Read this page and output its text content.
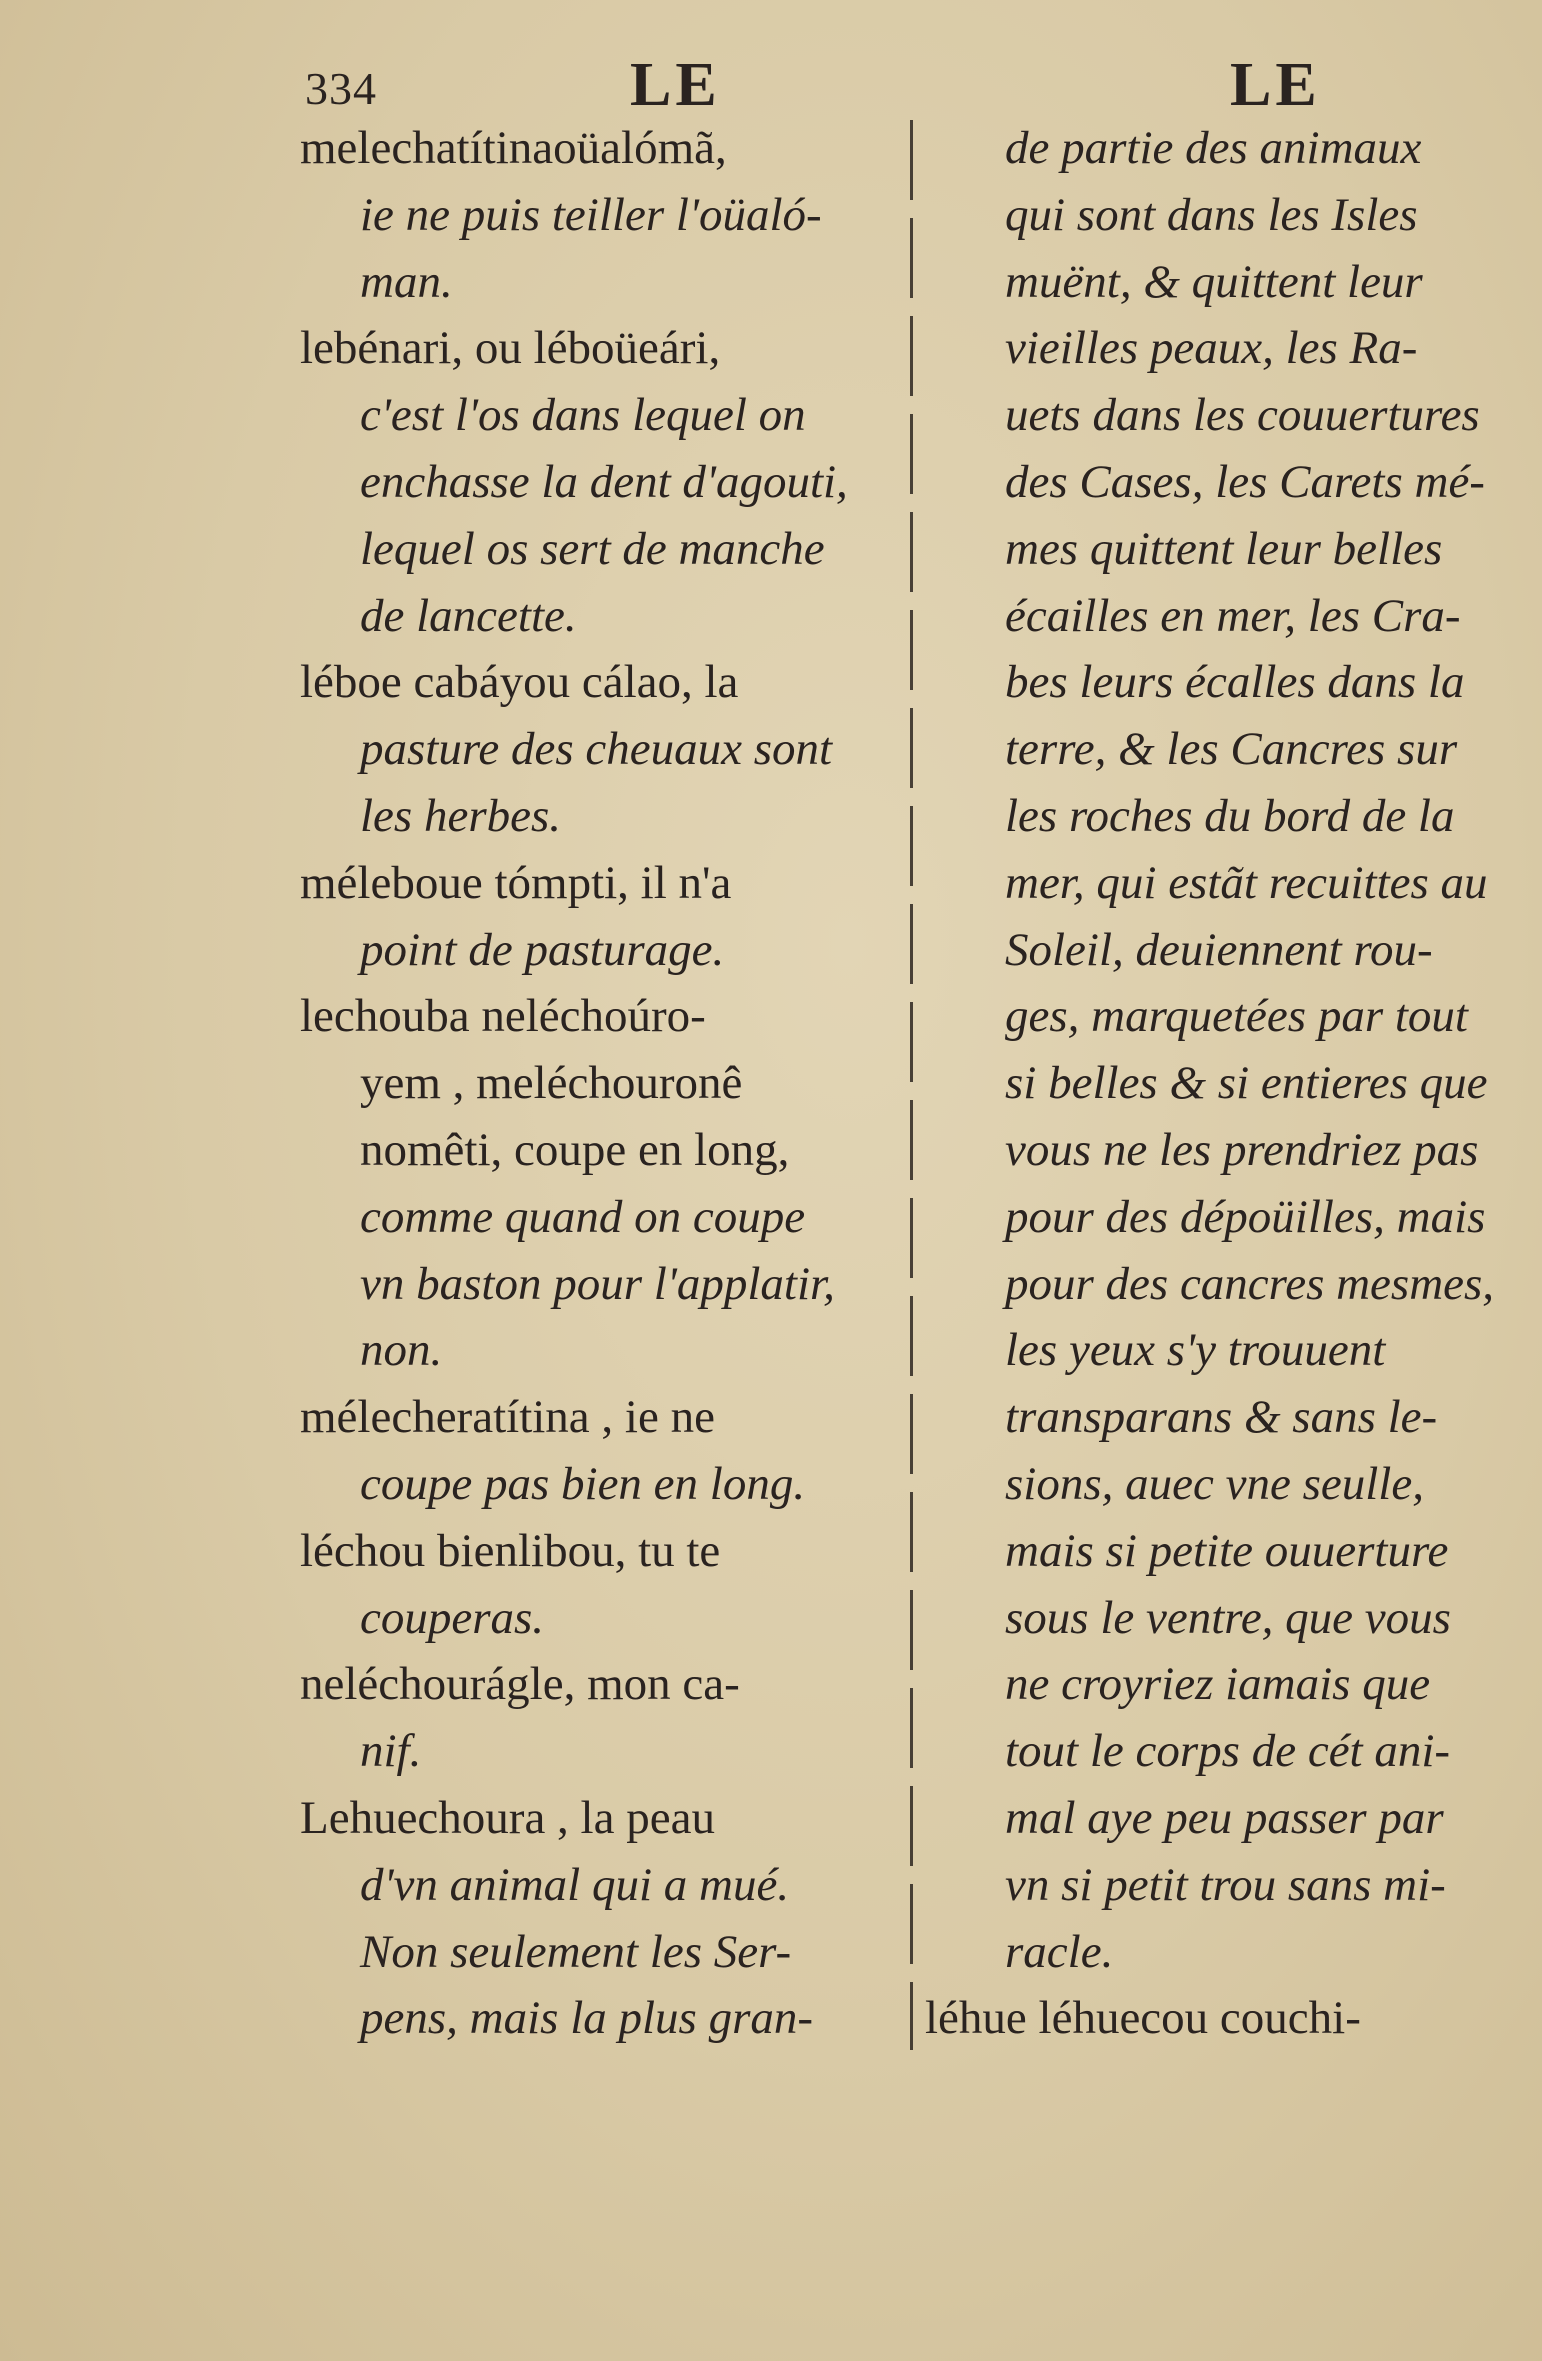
334	LE	LE
melechatítinaoüalómã,
ie ne puis teiller l'oüaló-
man.
lebénari, ou léboüeári,
c'est l'os dans lequel on
enchasse la dent d'agouti,
lequel os sert de manche
de lancette.
léboe cabáyou cálao, la
pasture des cheuaux sont
les herbes.
méleboue tómpti, il n'a
point de pasturage.
lechouba neléchoúro-
yem , meléchouronê
nomêti, coupe en long,
comme quand on coupe
vn baston pour l'applatir,
non.
mélecheratítina , ie ne
coupe pas bien en long.
léchou bienlibou, tu te
couperas.
neléchourágle, mon ca-
nif.
Lehuechoura , la peau
d'vn animal qui a mué.
Non seulement les Ser-
pens, mais la plus gran-
de partie des animaux
qui sont dans les Isles
muënt, & quittent leur
vieilles peaux, les Ra-
uets dans les couuertures
des Cases, les Carets mé-
mes quittent leur belles
écailles en mer, les Cra-
bes leurs écalles dans la
terre, & les Cancres sur
les roches du bord de la
mer, qui estãt recuittes au
Soleil, deuiennent rou-
ges, marquetées par tout
si belles & si entieres que
vous ne les prendriez pas
pour des dépoüilles, mais
pour des cancres mesmes,
les yeux s'y trouuent
transparans & sans le-
sions, auec vne seulle,
mais si petite ouuerture
sous le ventre, que vous
ne croyriez iamais que
tout le corps de cét ani-
mal aye peu passer par
vn si petit trou sans mi-
racle.
léhue léhuecou couchi-
